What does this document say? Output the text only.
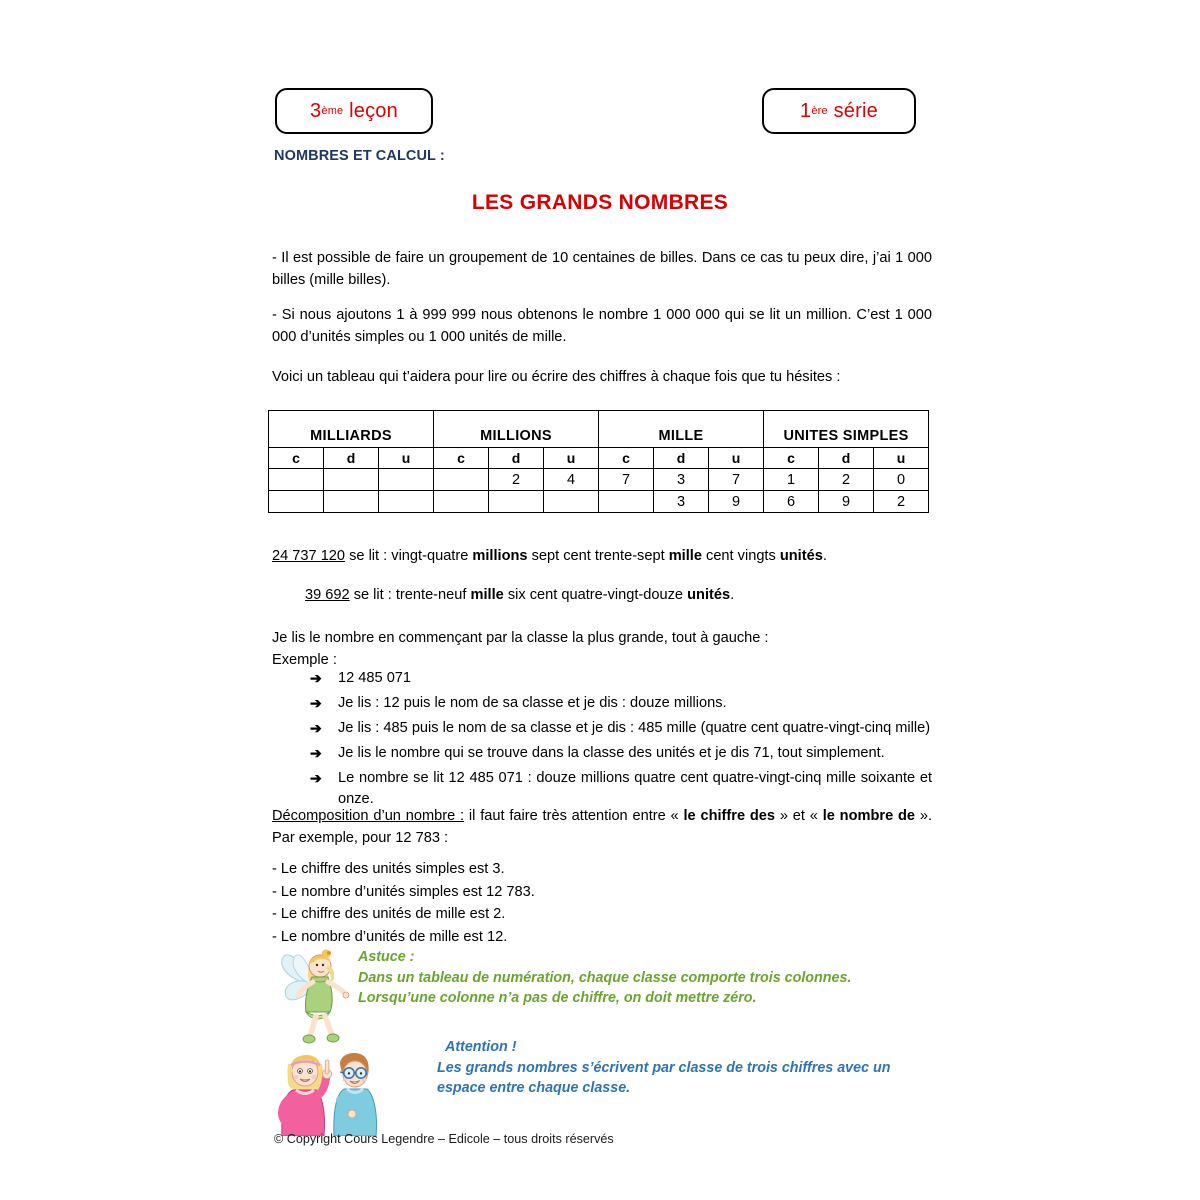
3 ème
leçon	1 ère
série
NOMBRES ET CALCUL :
LES GRANDS NOMBRES

- Il est possible de faire un groupement de 10 centaines de billes. Dans ce cas tu peux dire, j’ai 1 000 billes (mille billes).

- Si nous ajoutons 1 à 999 999 nous obtenons le nombre 1 000 000 qui se lit un million. C’est 1 000 000 d’unités simples ou 1 000 unités de mille.

Voici un tableau qui t’aidera pour lire ou écrire des chiffres à chaque fois que tu hésites :

MILLIARDS			MILLIONS			MILLE			UNITES SIMPLES		
c	d	u	c	d	u	c	d	u	c	d	u
				2	4	7	3	7	1	2	0
							3	9	6	9	2

24 737 120 se lit : vingt-quatre millions sept cent trente-sept mille cent vingts unités.

39 692 se lit : trente-neuf mille six cent quatre-vingt-douze unités.

Je lis le nombre en commençant par la classe la plus grande, tout à gauche :
Exemple :
➔ 12 485 071
➔ Je lis : 12 puis le nom de sa classe et je dis : douze millions.
➔ Je lis : 485 puis le nom de sa classe et je dis : 485 mille (quatre cent quatre-vingt-cinq mille)
➔ Je lis le nombre qui se trouve dans la classe des unités et je dis 71, tout simplement.
➔ Le nombre se lit 12 485 071 : douze millions quatre cent quatre-vingt-cinq mille soixante et onze.

Décomposition d’un nombre : il faut faire très attention entre « le chiffre des » et « le nombre de ». Par exemple, pour 12 783 :

- Le chiffre des unités simples est 3.
- Le nombre d’unités simples est 12 783.
- Le chiffre des unités de mille est 2.
- Le nombre d’unités de mille est 12.
Astuce :
Dans un tableau de numération, chaque classe comporte trois colonnes.
Lorsqu’une colonne n’a pas de chiffre, on doit mettre zéro.
Attention !
Les grands nombres s’écrivent par classe de trois chiffres avec un espace entre chaque classe.
© Copyright Cours Legendre – Edicole – tous droits réservés
